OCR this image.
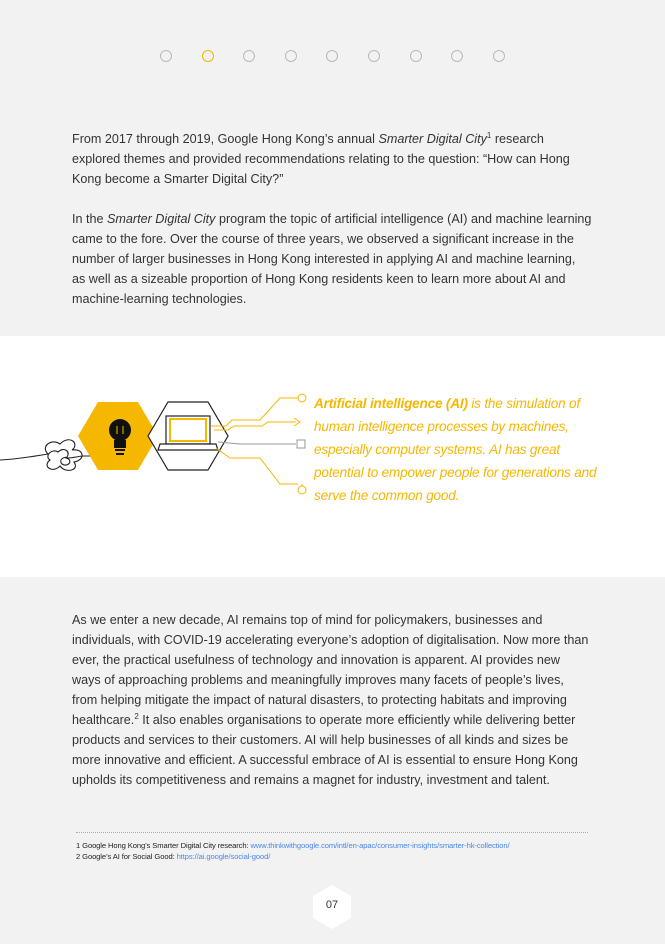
From 2017 through 2019, Google Hong Kong’s annual Smarter Digital City$^1$ research explored themes and provided recommendations relating to the question: “How can Hong Kong become a Smarter Digital City?”

In the Smarter Digital City program the topic of artificial intelligence (AI) and machine learning came to the fore. Over the course of three years, we observed a significant increase in the number of larger businesses in Hong Kong interested in applying AI and machine learning, as well as a sizeable proportion of Hong Kong residents keen to learn more about AI and machine-learning technologies.

Artificial intelligence (AI) is the simulation of human intelligence processes by machines, especially computer systems. AI has great potential to empower people for generations and serve the common good.

As we enter a new decade, AI remains top of mind for policymakers, businesses and individuals, with COVID-19 accelerating everyone’s adoption of digitalisation. Now more than ever, the practical usefulness of technology and innovation is apparent. AI provides new ways of approaching problems and meaningfully improves many facets of people’s lives, from helping mitigate the impact of natural disasters, to protecting habitats and improving healthcare.$^2$ It also enables organisations to operate more efficiently while delivering better products and services to their customers. AI will help businesses of all kinds and sizes be more innovative and efficient. A successful embrace of AI is essential to ensure Hong Kong upholds its competitiveness and remains a magnet for industry, investment and talent.

1 Google Hong Kong’s Smarter Digital City research: www.thinkwithgoogle.com/intl/en-apac/consumer-insights/smarter-hk-collection/
2 Google’s AI for Social Good: https://ai.google/social-good/
07
